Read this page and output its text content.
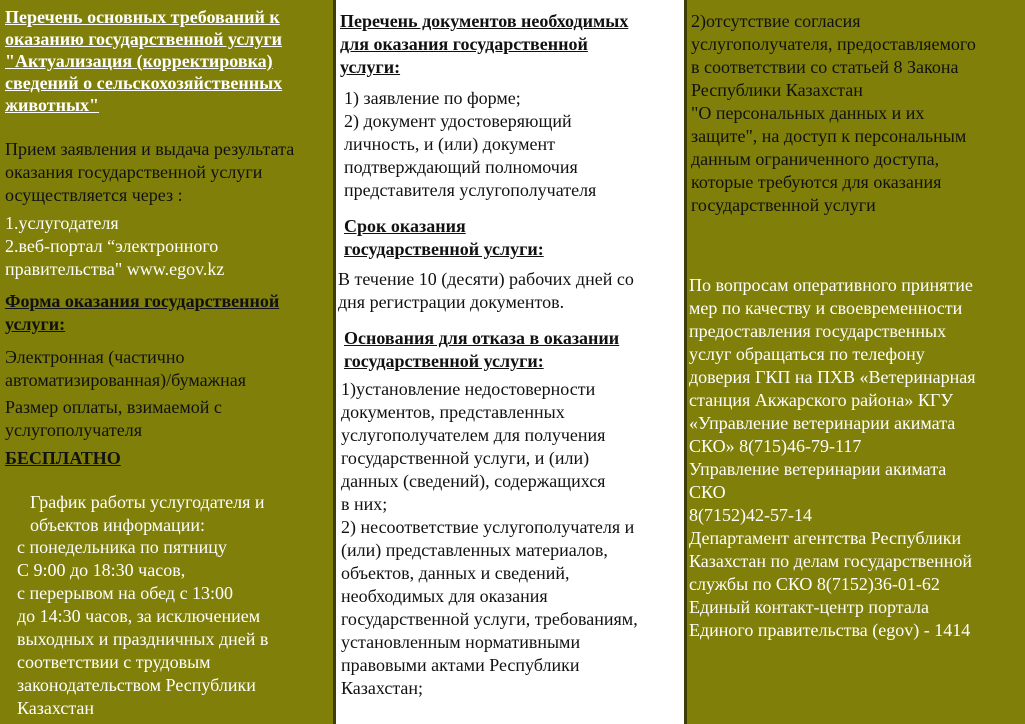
Перечень основных требований к
оказанию государственной услуги
"Актуализация (корректировка)
сведений о сельскохозяйственных
животных"
Прием заявления и выдача результата
оказания государственной услуги
осуществляется через :
1.услугодателя
2.веб-портал “электронного
правительства" www.egov.kz
Форма оказания государственной
услуги:
Электронная (частично
автоматизированная)/бумажная
Размер оплаты, взимаемой с
услугополучателя
БЕСПЛАТНО
График работы услугодателя и
объектов информации:
с понедельника по пятницу
С 9:00 до 18:30 часов,
с перерывом на обед с 13:00
до 14:30 часов, за исключением
выходных и праздничных дней в
соответствии с трудовым
законодательством Республики
Казахстан
Перечень документов необходимых
для оказания государственной
услуги:
1) заявление по форме;
2) документ удостоверяющий
личность, и (или) документ
подтверждающий полномочия
представителя услугополучателя
Срок оказания
государственной услуги:
В течение 10 (десяти) рабочих дней со
дня регистрации документов.
Основания для отказа в оказании
государственной услуги:
1)установление недостоверности
документов, представленных
услугополучателем для получения
государственной услуги, и (или)
данных (сведений), содержащихся
в них;
2) несоответствие услугополучателя и
(или) представленных материалов,
объектов, данных и сведений,
необходимых для оказания
государственной услуги, требованиям,
установленным нормативными
правовыми актами Республики
Казахстан;
2)отсутствие согласия
услугополучателя, предоставляемого
в соответствии со статьей 8 Закона
Республики Казахстан
"О персональных данных и их
защите", на доступ к персональным
данным ограниченного доступа,
которые требуются для оказания
государственной услуги
По вопросам оперативного принятие
мер по качеству и своевременности
предоставления государственных
услуг обращаться по телефону
доверия ГКП на ПХВ «Ветеринарная
станция Акжарского района» КГУ
«Управление ветеринарии акимата
СКО» 8(715)46-79-117
Управление ветеринарии акимата
СКО
8(7152)42-57-14
Департамент агентства Республики
Казахстан по делам государственной
службы по СКО 8(7152)36-01-62
Единый контакт-центр портала
Единого правительства (egov) - 1414
